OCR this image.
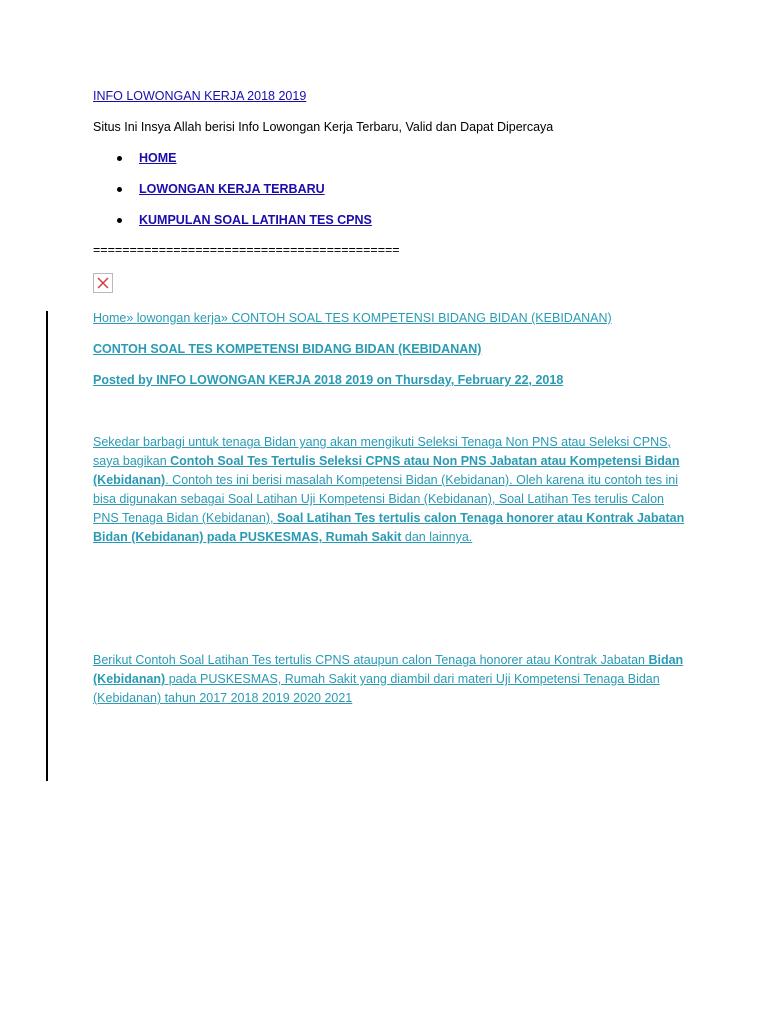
INFO LOWONGAN KERJA 2018 2019
Situs Ini Insya Allah berisi Info Lowongan Kerja Terbaru, Valid dan Dapat Dipercaya
HOME
LOWONGAN KERJA TERBARU
KUMPULAN SOAL LATIHAN TES CPNS
==========================================
Home» lowongan kerja» CONTOH SOAL TES KOMPETENSI BIDANG BIDAN (KEBIDANAN)
CONTOH SOAL TES KOMPETENSI BIDANG BIDAN (KEBIDANAN)
Posted by INFO LOWONGAN KERJA 2018 2019 on Thursday, February 22, 2018
Sekedar barbagi untuk tenaga Bidan yang akan mengikuti Seleksi Tenaga Non PNS atau Seleksi CPNS, saya bagikan Contoh Soal Tes Tertulis Seleksi CPNS atau Non PNS Jabatan atau Kompetensi Bidan (Kebidanan). Contoh tes ini berisi masalah Kompetensi Bidan (Kebidanan). Oleh karena itu contoh tes ini bisa digunakan sebagai Soal Latihan Uji Kompetensi Bidan (Kebidanan), Soal Latihan Tes terulis Calon PNS Tenaga Bidan (Kebidanan), Soal Latihan Tes tertulis calon Tenaga honorer atau Kontrak Jabatan Bidan (Kebidanan) pada PUSKESMAS, Rumah Sakit dan lainnya.
Berikut Contoh Soal Latihan Tes tertulis CPNS ataupun calon Tenaga honorer atau Kontrak Jabatan Bidan (Kebidanan) pada PUSKESMAS, Rumah Sakit yang diambil dari materi Uji Kompetensi Tenaga Bidan (Kebidanan) tahun 2017 2018 2019 2020 2021
